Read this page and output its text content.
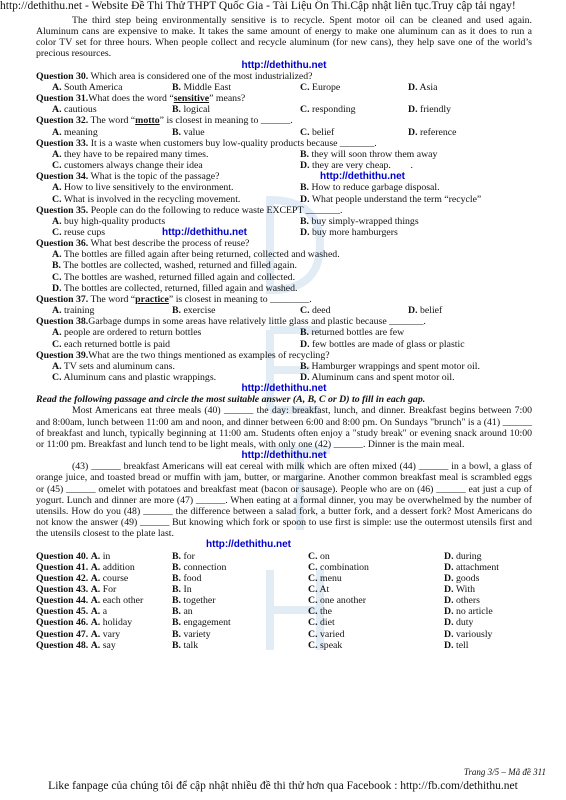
http://dethithu.net - Website Đề Thi Thử THPT Quốc Gia - Tài Liệu Ôn Thi.Cập nhật liên tục.Truy cập tải ngay!

The third step being environmentally sensitive is to recycle. Spent motor oil can be cleaned and used again. Aluminum cans are expensive to make. It takes the same amount of energy to make one aluminum can as it does to run a color TV set for three hours. When people collect and recycle aluminum (for new cans), they help save one of the world’s precious resources.

http://dethithu.net

Question 30. Which area is considered one of the most industrialized?

A. South America	B. Middle East	C. Europe	D. Asia

Question 31.What does the word “sensitive” means?

A. cautious	B. logical	C. responding	D. friendly

Question 32. The word “motto” is closest in meaning to ______.

A. meaning	B. value	C. belief	D. reference

Question 33. It is a waste when customers buy low-quality products because _______.

A. they have to be repaired many times.	B. they will soon throw them away
C. customers always change their idea	D. they are very cheap. .
Question 34. What is the topic of the passage?	http://dethithu.net
A. How to live sensitively to the environment.	B. How to reduce garbage disposal.
C. What is involved in the recycling movement.	D. What people understand the term “recycle”

Question 35. People can do the following to reduce waste EXCEPT _______.

A. buy high-quality products	B. buy simply-wrapped things
C. reuse cups	http://dethithu.net	D. buy more hamburgers

Question 36. What best describe the process of reuse?

A. The bottles are filled again after being returned, collected and washed.

B. The bottles are collected, washed, returned and filled again.

C. The bottles are washed, returned filled again and collected.

D. The bottles are collected, returned, filled again and washed.

Question 37. The word “practice” is closest in meaning to ________.

A. training	B. exercise	C. deed	D. belief

Question 38.Garbage dumps in some areas have relatively little glass and plastic because _______.

A. people are ordered to return bottles	B. returned bottles are few
C. each returned bottle is paid	D. few bottles are made of glass or plastic

Question 39.What are the two things mentioned as examples of recycling?

A. TV sets and aluminum cans.	B. Hamburger wrappings and spent motor oil.
C. Aluminum cans and plastic wrappings.	D. Aluminum cans and spent motor oil.
http://dethithu.net

Read the following passage and circle the most suitable answer (A, B, C or D) to fill in each gap.

Most Americans eat three meals (40) ______ the day: breakfast, lunch, and dinner. Breakfast begins between 7:00 and 8:00am, lunch between 11:00 am and noon, and dinner between 6:00 and 8:00 pm. On Sundays "brunch" is a (41) ______ of breakfast and lunch, typically beginning at 11:00 am. Students often enjoy a "study break" or evening snack around 10:00 or 11:00 pm. Breakfast and lunch tend to be light meals, with only one (42) ______. Dinner is the main meal.

http://dethithu.net

(43) ______ breakfast Americans will eat cereal with milk which are often mixed (44) ______ in a bowl, a glass of orange juice, and toasted bread or muffin with jam, butter, or margarine. Another common breakfast meal is scrambled eggs or (45) ______ omelet with potatoes and breakfast meat (bacon or sausage). People who are on (46) ______ eat just a cup of yogurt. Lunch and dinner are more (47) ______. When eating at a formal dinner, you may be overwhelmed by the number of utensils. How do you (48) ______ the difference between a salad fork, a butter fork, and a dessert fork? Most Americans do not know the answer (49) ______ But knowing which fork or spoon to use first is simple: use the outermost utensils first and the utensils closest to the plate last.

http://dethithu.net
Question 40. A. in	B. for	C. on	D. during
Question 41. A. addition	B. connection	C. combination	D. attachment
Question 42. A. course	B. food	C. menu	D. goods
Question 43. A. For	B. In	C. At	D. With
Question 44. A. each other	B. together	C. one another	D. others
Question 45. A. a	B. an	C. the	D. no article
Question 46. A. holiday	B. engagement	C. diet	D. duty
Question 47. A. vary	B. variety	C. varied	D. variously
Question 48. A. say	B. talk	C. speak	D. tell
Trang 3/5 – Mã đề 311
Like fanpage của chúng tôi để cập nhật nhiều đề thi thử hơn qua Facebook : http://fb.com/dethithu.net
